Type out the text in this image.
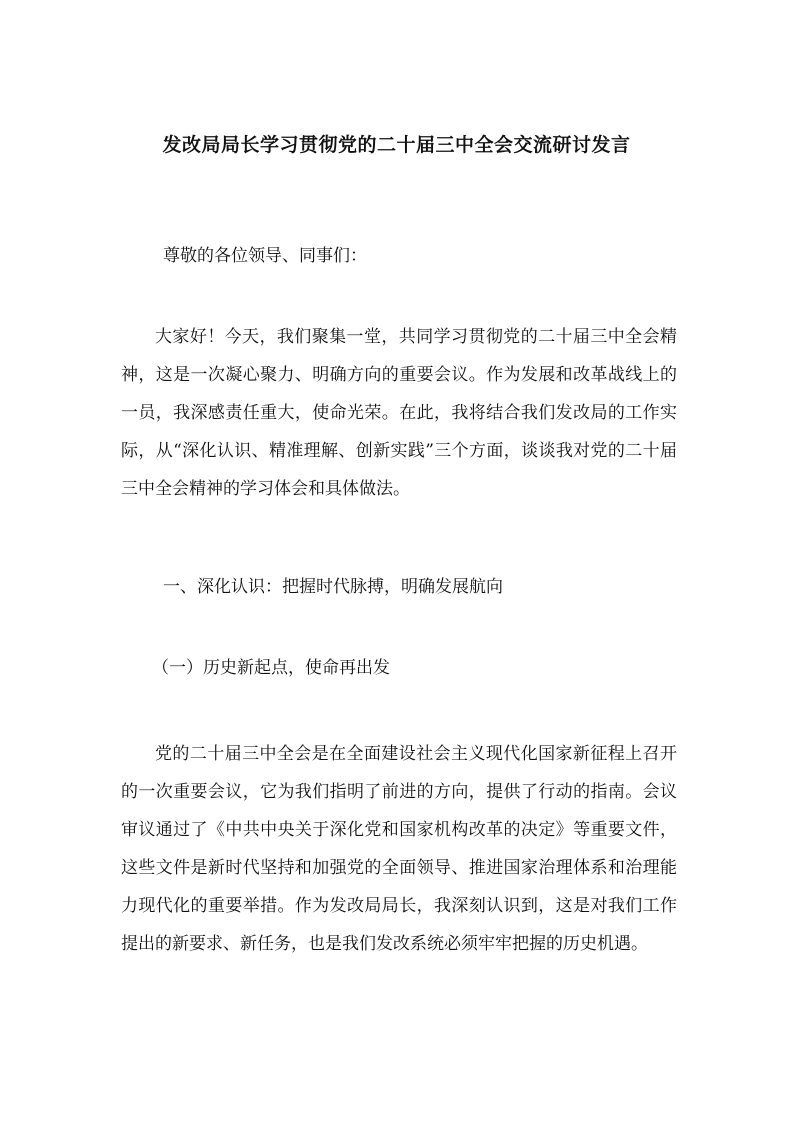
发改局局长学习贯彻党的二十届三中全会交流研讨发言
尊敬的各位领导、同事们：
大家好！今天，我们聚集一堂，共同学习贯彻党的二十届三中全会精神，这是一次凝心聚力、明确方向的重要会议。作为发展和改革战线上的一员，我深感责任重大，使命光荣。在此，我将结合我们发改局的工作实际，从“深化认识、精准理解、创新实践”三个方面，谈谈我对党的二十届三中全会精神的学习体会和具体做法。
一、深化认识：把握时代脉搏，明确发展航向
（一）历史新起点，使命再出发
党的二十届三中全会是在全面建设社会主义现代化国家新征程上召开的一次重要会议，它为我们指明了前进的方向，提供了行动的指南。会议审议通过了《中共中央关于深化党和国家机构改革的决定》等重要文件，这些文件是新时代坚持和加强党的全面领导、推进国家治理体系和治理能力现代化的重要举措。作为发改局局长，我深刻认识到，这是对我们工作提出的新要求、新任务，也是我们发改系统必须牢牢把握的历史机遇。
